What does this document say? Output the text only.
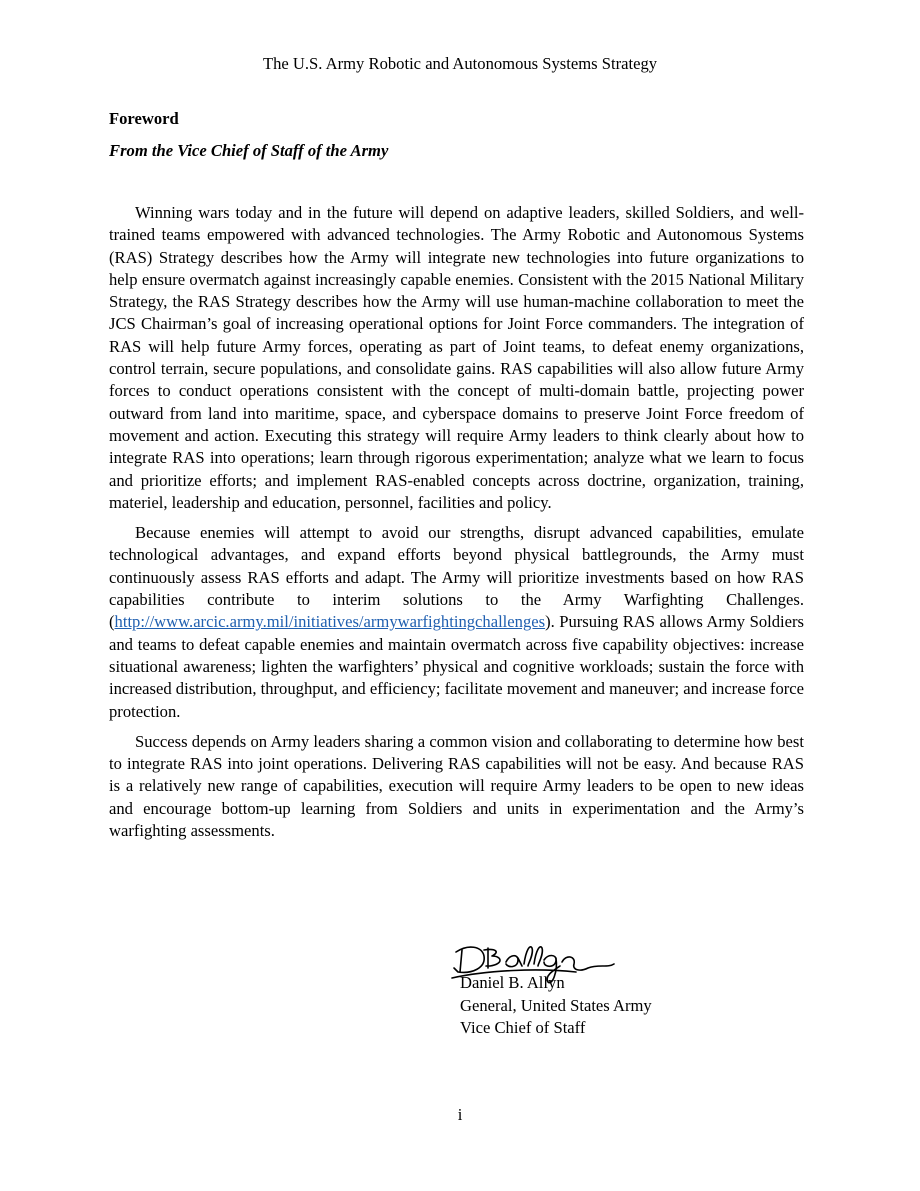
The U.S. Army Robotic and Autonomous Systems Strategy
Foreword
From the Vice Chief of Staff of the Army

Winning wars today and in the future will depend on adaptive leaders, skilled Soldiers, and well-trained teams empowered with advanced technologies. The Army Robotic and Autonomous Systems (RAS) Strategy describes how the Army will integrate new technologies into future organizations to help ensure overmatch against increasingly capable enemies. Consistent with the 2015 National Military Strategy, the RAS Strategy describes how the Army will use human-machine collaboration to meet the JCS Chairman’s goal of increasing operational options for Joint Force commanders. The integration of RAS will help future Army forces, operating as part of Joint teams, to defeat enemy organizations, control terrain, secure populations, and consolidate gains. RAS capabilities will also allow future Army forces to conduct operations consistent with the concept of multi-domain battle, projecting power outward from land into maritime, space, and cyberspace domains to preserve Joint Force freedom of movement and action. Executing this strategy will require Army leaders to think clearly about how to integrate RAS into operations; learn through rigorous experimentation; analyze what we learn to focus and prioritize efforts; and implement RAS-enabled concepts across doctrine, organization, training, materiel, leadership and education, personnel, facilities and policy.

Because enemies will attempt to avoid our strengths, disrupt advanced capabilities, emulate technological advantages, and expand efforts beyond physical battlegrounds, the Army must continuously assess RAS efforts and adapt. The Army will prioritize investments based on how RAS capabilities contribute to interim solutions to the Army Warfighting Challenges. (http://www.arcic.army.mil/initiatives/armywarfightingchallenges). Pursuing RAS allows Army Soldiers and teams to defeat capable enemies and maintain overmatch across five capability objectives: increase situational awareness; lighten the warfighters’ physical and cognitive workloads; sustain the force with increased distribution, throughput, and efficiency; facilitate movement and maneuver; and increase force protection.

Success depends on Army leaders sharing a common vision and collaborating to determine how best to integrate RAS into joint operations. Delivering RAS capabilities will not be easy. And because RAS is a relatively new range of capabilities, execution will require Army leaders to be open to new ideas and encourage bottom-up learning from Soldiers and units in experimentation and the Army’s warfighting assessments.

Daniel B. Allyn
General, United States Army
Vice Chief of Staff
i
